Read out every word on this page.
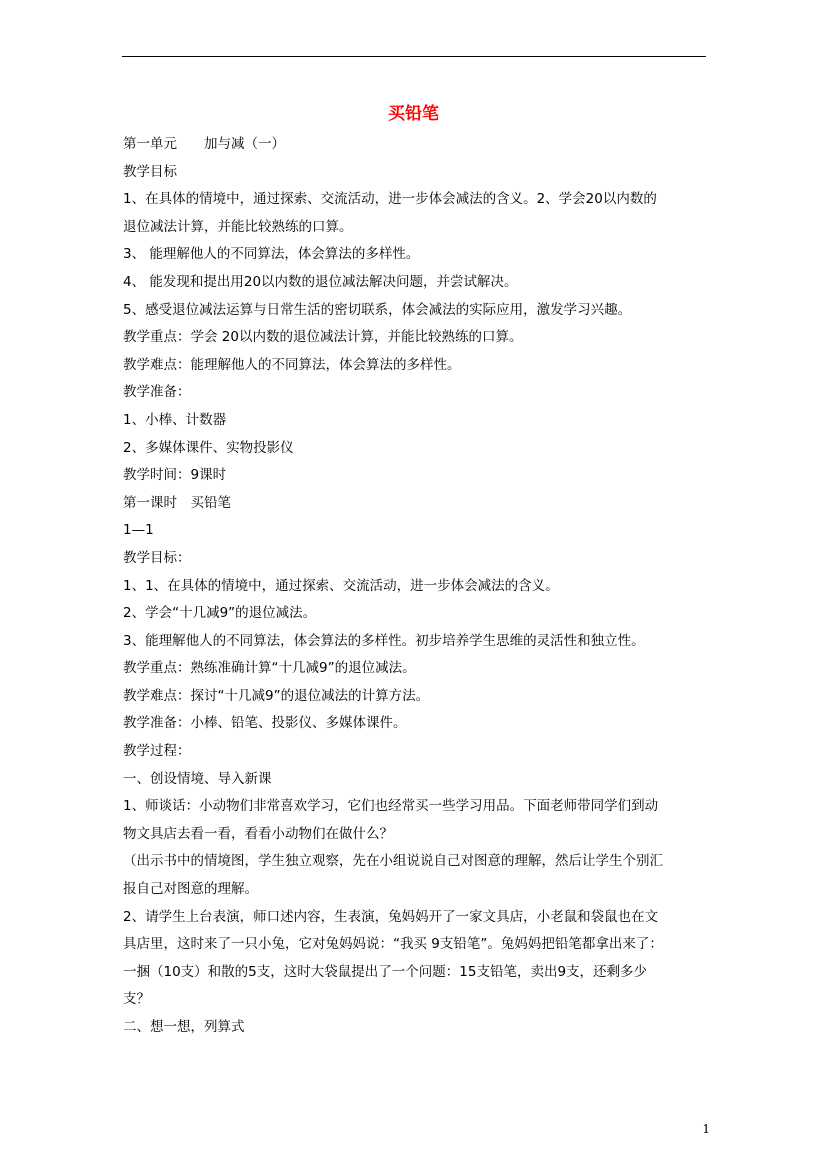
买铅笔
第一单元　　加与减（一）
教学目标
1、在具体的情境中，通过探索、交流活动，进一步体会减法的含义。2、学会20以内数的
退位减法计算，并能比较熟练的口算。
3、 能理解他人的不同算法，体会算法的多样性。
4、 能发现和提出用20以内数的退位减法解决问题，并尝试解决。
5、感受退位减法运算与日常生活的密切联系，体会减法的实际应用，激发学习兴趣。
教学重点：学会 20以内数的退位减法计算，并能比较熟练的口算。
教学难点：能理解他人的不同算法，体会算法的多样性。
教学准备：
1、小棒、计数器
2、多媒体课件、实物投影仪
教学时间：9课时
第一课时　买铅笔
1—1
教学目标：
1、1、在具体的情境中，通过探索、交流活动，进一步体会减法的含义。
2、学会“十几减9”的退位减法。
3、能理解他人的不同算法，体会算法的多样性。初步培养学生思维的灵活性和独立性。
教学重点：熟练准确计算“十几减9”的退位减法。
教学难点：探讨“十几减9”的退位减法的计算方法。
教学准备：小棒、铅笔、投影仪、多媒体课件。
教学过程：
一、创设情境、导入新课
1、师谈话：小动物们非常喜欢学习，它们也经常买一些学习用品。下面老师带同学们到动
物文具店去看一看，看看小动物们在做什么？
（出示书中的情境图，学生独立观察，先在小组说说自己对图意的理解，然后让学生个别汇
报自己对图意的理解。
2、请学生上台表演，师口述内容，生表演，兔妈妈开了一家文具店，小老鼠和袋鼠也在文
具店里，这时来了一只小兔，它对兔妈妈说：“我买 9支铅笔”。兔妈妈把铅笔都拿出来了：
一捆（10支）和散的5支，这时大袋鼠提出了一个问题：15支铅笔，卖出9支，还剩多少
支？
二、想一想，列算式
1
